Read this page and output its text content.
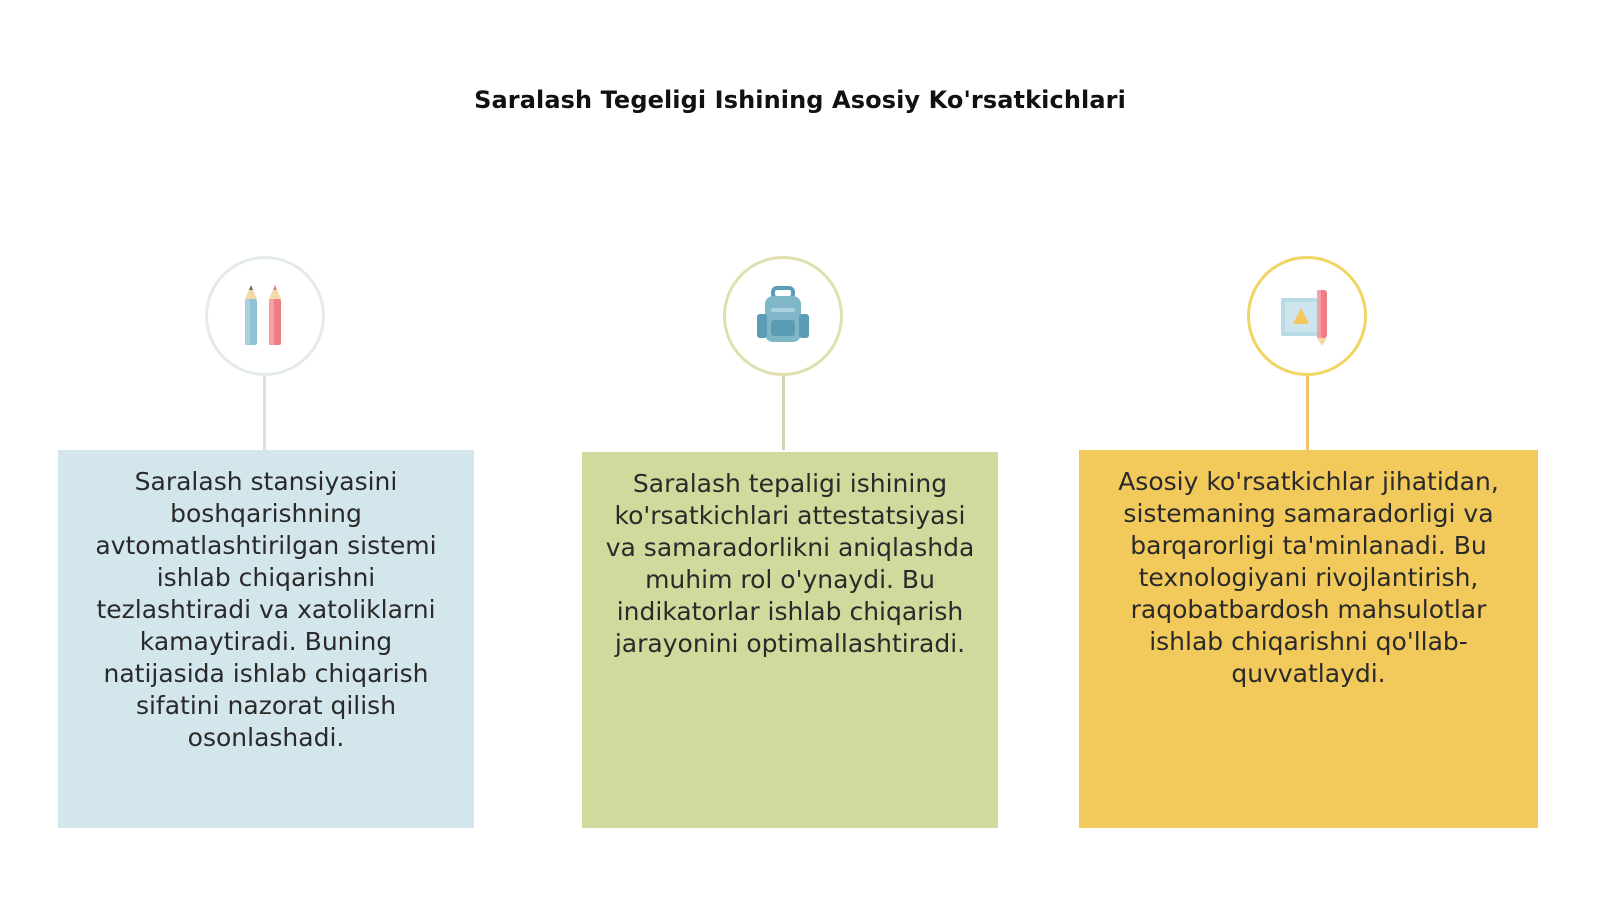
Saralash Tegeligi Ishining Asosiy Ko'rsatkichlari
Saralash stansiyasini boshqarishning avtomatlashtirilgan sistemi ishlab chiqarishni tezlashtiradi va xatoliklarni kamaytiradi. Buning natijasida ishlab chiqarish sifatini nazorat qilish osonlashadi.
Saralash tepaligi ishining ko'rsatkichlari attestatsiyasi va samaradorlikni aniqlashda muhim rol o'ynaydi. Bu indikatorlar ishlab chiqarish jarayonini optimallashtiradi.
Asosiy ko'rsatkichlar jihatidan, sistemaning samaradorligi va barqarorligi ta'minlanadi. Bu texnologiyani rivojlantirish, raqobatbardosh mahsulotlar ishlab chiqarishni qo'llab-quvvatlaydi.
